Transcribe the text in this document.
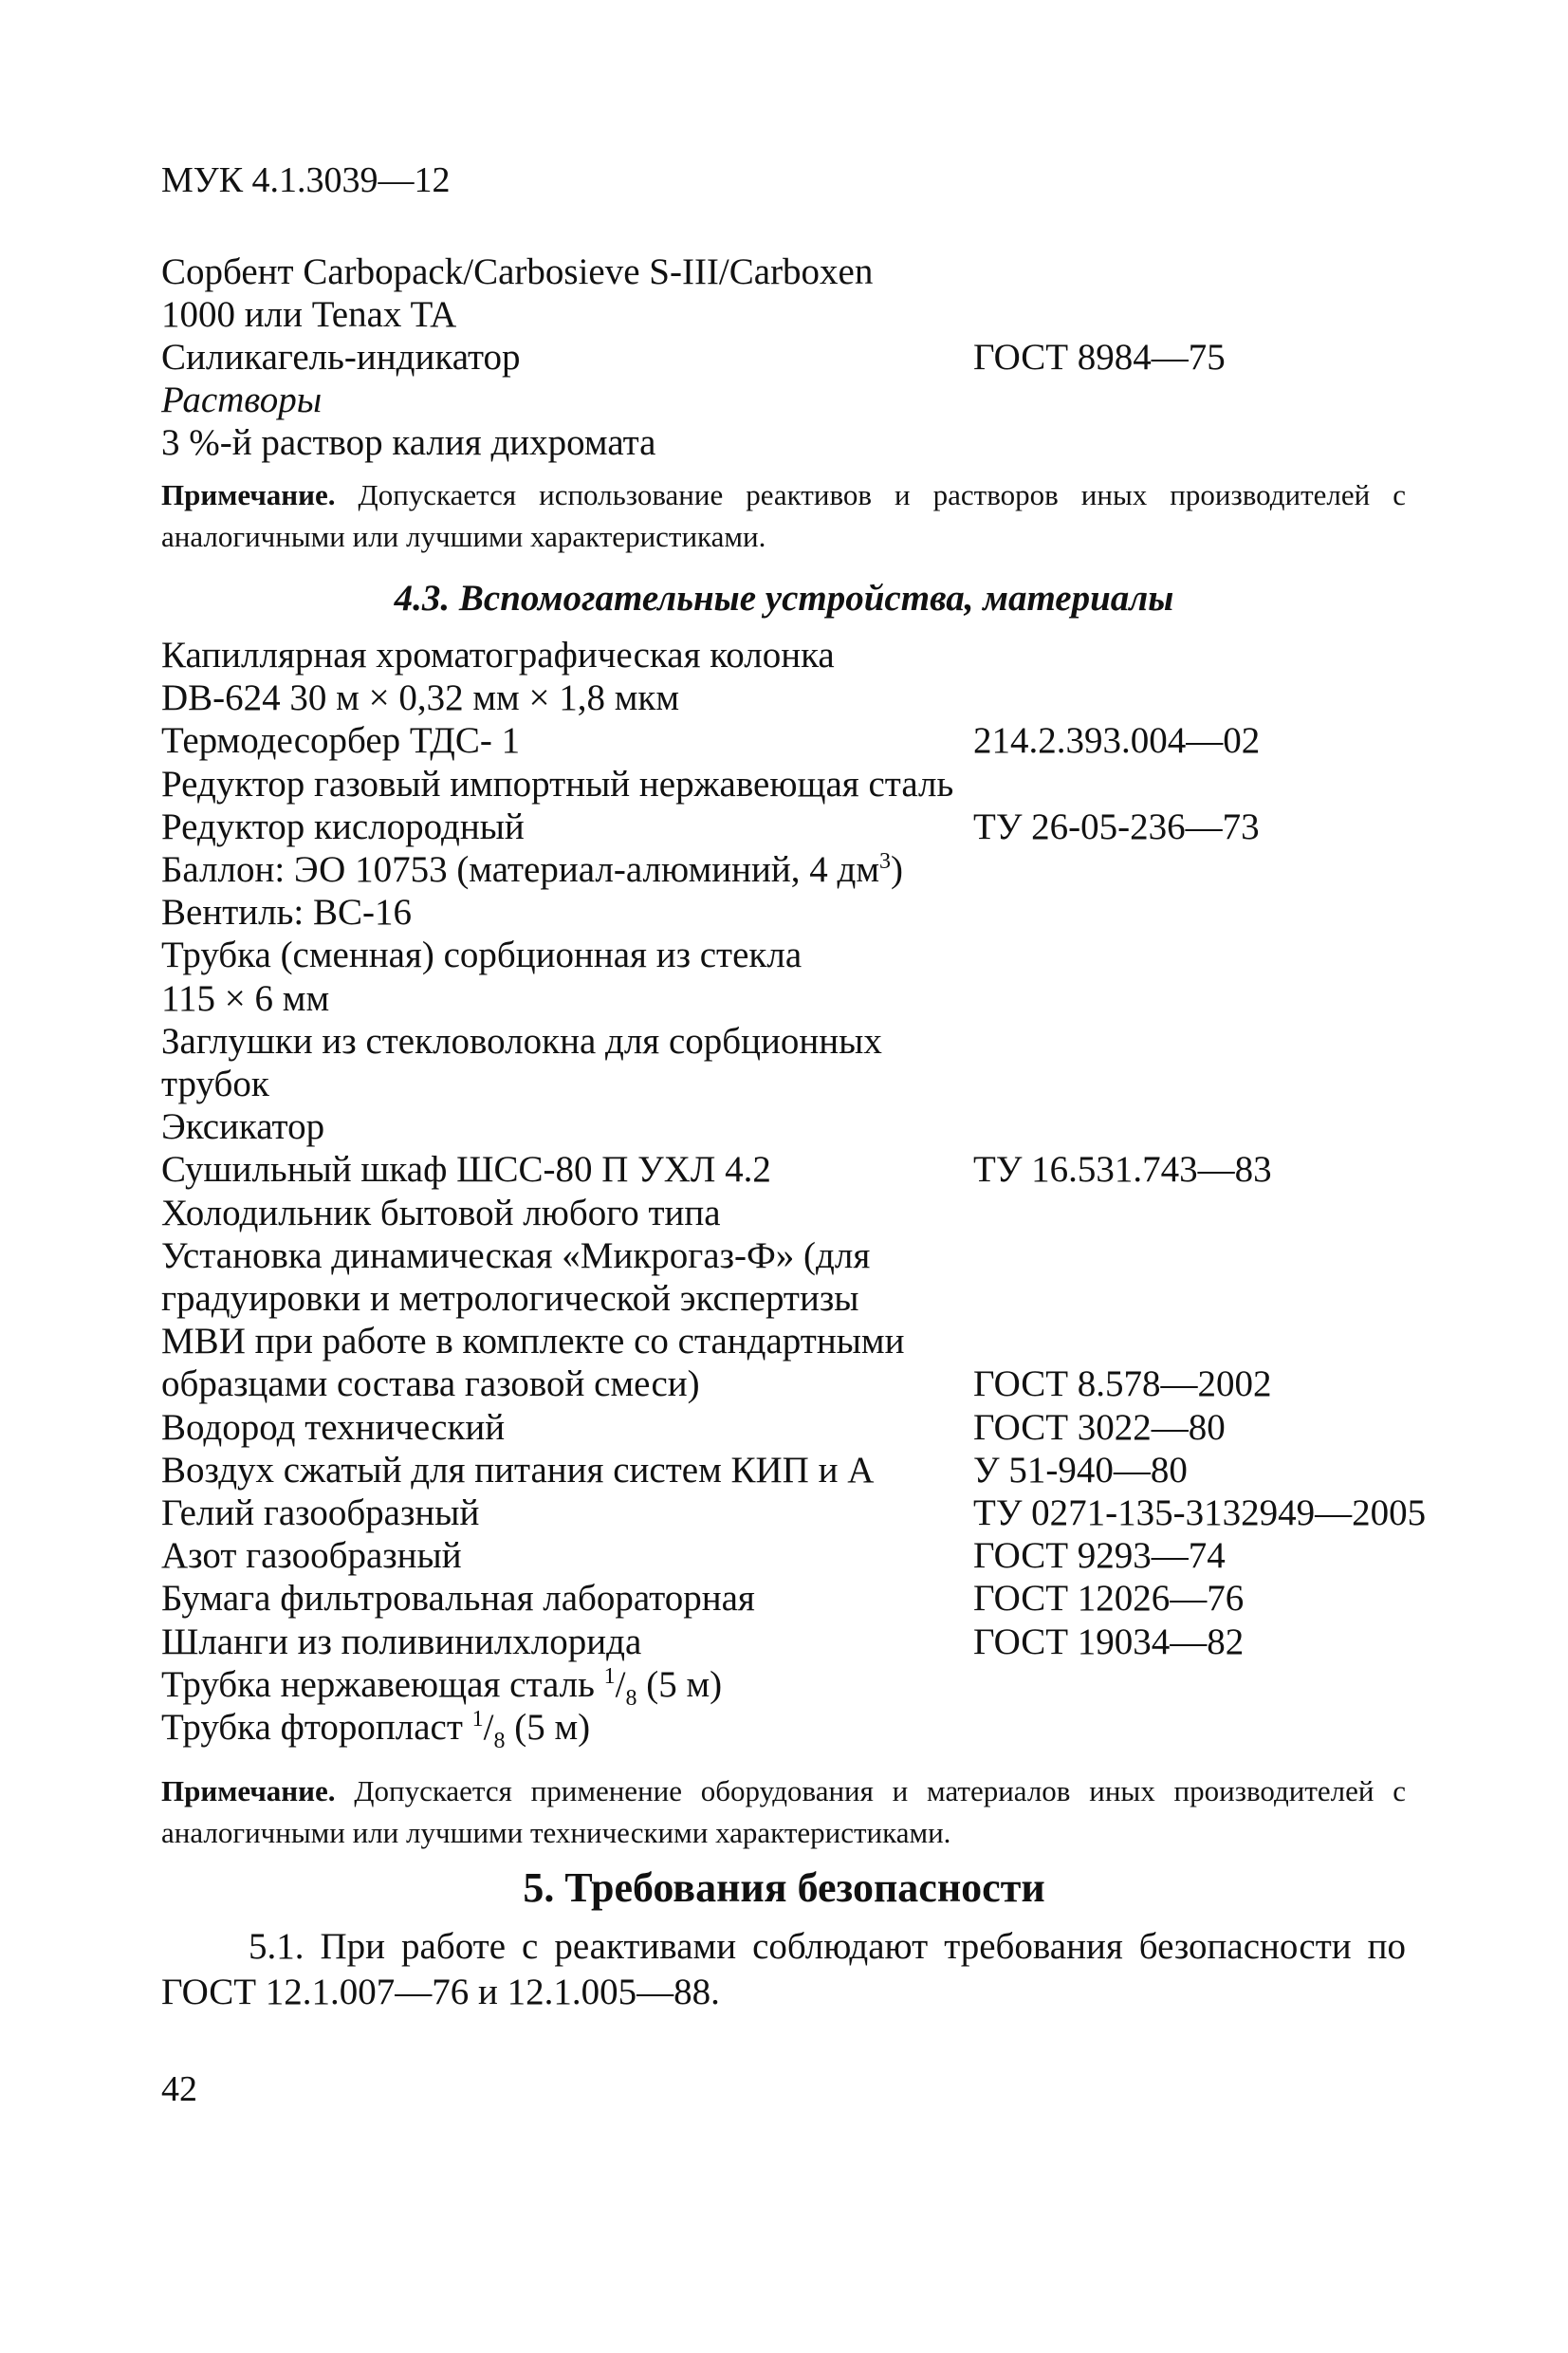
МУК 4.1.3039—12
Сорбент Carbopack/Carbosieve S-III/Carboxen
1000 или Tenax TA
Силикагель-индикатор	ГОСТ 8984—75
Растворы
3 %-й раствор калия дихромата
Примечание. Допускается использование реактивов и растворов иных производителей с аналогичными или лучшими характеристиками.
4.3. Вспомогательные устройства, материалы
Капиллярная хроматографическая колонка
DB-624 30 м × 0,32 мм × 1,8 мкм
Термодесорбер ТДС- 1	214.2.393.004—02
Редуктор газовый импортный нержавеющая сталь
Редуктор кислородный	ТУ 26-05-236—73
Баллон: ЭО 10753 (материал-алюминий, 4 $дм^3$)
Вентиль: ВС-16
Трубка (сменная) сорбционная из стекла
115 × 6 мм
Заглушки из стекловолокна для сорбционных
трубок
Эксикатор
Сушильный шкаф ШСС-80 П УХЛ 4.2	ТУ 16.531.743—83
Холодильник бытовой любого типа
Установка динамическая «Микрогаз-Ф» (для
градуировки и метрологической экспертизы
МВИ при работе в комплекте со стандартными
образцами состава газовой смеси)	ГОСТ 8.578—2002
Водород технический	ГОСТ 3022—80
Воздух сжатый для питания систем КИП и А	У 51-940—80
Гелий газообразный	ТУ 0271-135-3132949—2005
Азот газообразный	ГОСТ 9293—74
Бумага фильтровальная лабораторная	ГОСТ 12026—76
Шланги из поливинилхлорида	ГОСТ 19034—82
Трубка нержавеющая сталь $^1/_8$ (5 м)
Трубка фторопласт $^1/_8$ (5 м)
Примечание. Допускается применение оборудования и материалов иных производителей с аналогичными или лучшими техническими характеристиками.
5. Требования безопасности
5.1. При работе с реактивами соблюдают требования безопасности по ГОСТ 12.1.007—76 и 12.1.005—88.
42
